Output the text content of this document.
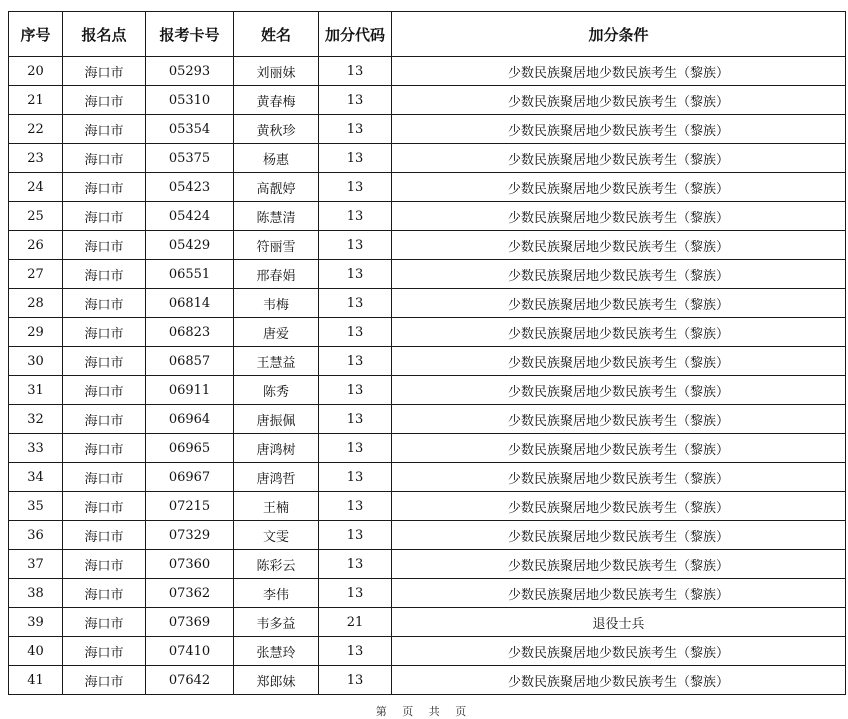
序号	报名点	报考卡号	姓名	加分代码	加分条件
20	海口市	05293	刘丽妹	13	少数民族聚居地少数民族考生（黎族）
21	海口市	05310	黄春梅	13	少数民族聚居地少数民族考生（黎族）
22	海口市	05354	黄秋珍	13	少数民族聚居地少数民族考生（黎族）
23	海口市	05375	杨惠	13	少数民族聚居地少数民族考生（黎族）
24	海口市	05423	高靓婷	13	少数民族聚居地少数民族考生（黎族）
25	海口市	05424	陈慧清	13	少数民族聚居地少数民族考生（黎族）
26	海口市	05429	符丽雪	13	少数民族聚居地少数民族考生（黎族）
27	海口市	06551	邢春娟	13	少数民族聚居地少数民族考生（黎族）
28	海口市	06814	韦梅	13	少数民族聚居地少数民族考生（黎族）
29	海口市	06823	唐爱	13	少数民族聚居地少数民族考生（黎族）
30	海口市	06857	王慧益	13	少数民族聚居地少数民族考生（黎族）
31	海口市	06911	陈秀	13	少数民族聚居地少数民族考生（黎族）
32	海口市	06964	唐振佩	13	少数民族聚居地少数民族考生（黎族）
33	海口市	06965	唐鸿树	13	少数民族聚居地少数民族考生（黎族）
34	海口市	06967	唐鸿哲	13	少数民族聚居地少数民族考生（黎族）
35	海口市	07215	王楠	13	少数民族聚居地少数民族考生（黎族）
36	海口市	07329	文雯	13	少数民族聚居地少数民族考生（黎族）
37	海口市	07360	陈彩云	13	少数民族聚居地少数民族考生（黎族）
38	海口市	07362	李伟	13	少数民族聚居地少数民族考生（黎族）
39	海口市	07369	韦多益	21	退役士兵
40	海口市	07410	张慧玲	13	少数民族聚居地少数民族考生（黎族）
41	海口市	07642	郑郎妹	13	少数民族聚居地少数民族考生（黎族）
第 页 共 页
